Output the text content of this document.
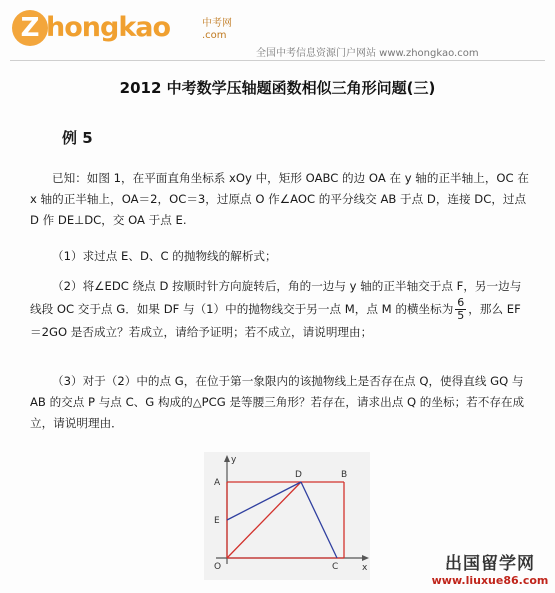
Z hongkao	中考网
.com
全国中考信息资源门户网站 www.zhongkao.com
2012 中考数学压轴题函数相似三角形问题(三)
例 5
已知：如图 1，在平面直角坐标系 xOy 中，矩形 OABC 的边 OA 在 y 轴的正半轴上，OC 在 x 轴的正半轴上，OA＝2，OC＝3，过原点 O 作∠AOC 的平分线交 AB 于点 D，连接 DC，过点 D 作 DE⊥DC，交 OA 于点 E.
（1）求过点 E、D、C 的抛物线的解析式；
（2）将∠EDC 绕点 D 按顺时针方向旋转后，角的一边与 y 轴的正半轴交于点 F，另一边与线段 OC 交于点 G．如果 DF 与（1）中的抛物线交于另一点 M，点 M 的横坐标为 $\frac{6}{5}$ ，那么 EF＝2GO 是否成立？若成立，请给予证明；若不成立，请说明理由；
（3）对于（2）中的点 G，在位于第一象限内的该抛物线上是否存在点 Q，使得直线 GQ 与 AB 的交点 P 与点 C、G 构成的△PCG 是等腰三角形？若存在，请求出点 Q 的坐标；若不存在成立，请说明理由．
y
x
A
E
O
D	B
C	出国留学网
www.liuxue86.com
